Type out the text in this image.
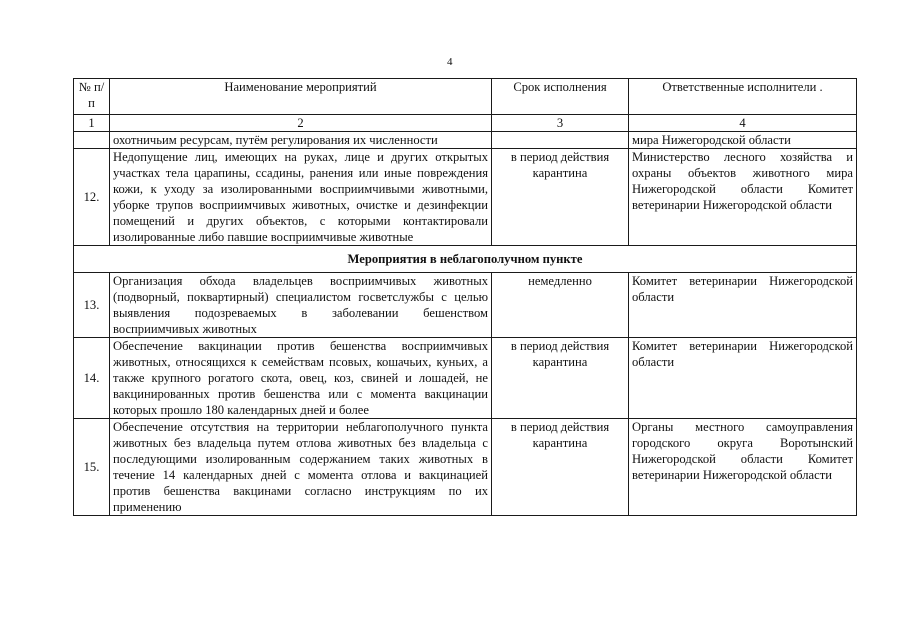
4
№ п/п	Наименование мероприятий	Срок исполнения	Ответственные исполнители .
1	2	3	4
	охотничьим ресурсам, путём регулирования их численности		мира Нижегородской области
12.	Недопущение лиц, имеющих на руках, лице и других открытых участках тела царапины, ссадины, ранения или иные повреждения кожи, к уходу за изолированными восприимчивыми животными, уборке трупов восприимчивых животных, очистке и дезинфекции помещений и других объектов, с которыми контактировали изолированные либо павшие восприимчивые животные	в период действия карантина	Министерство лесного хозяйства и охраны объектов животного мира Нижегородской области Комитет ветеринарии Нижегородской области
Мероприятия в неблагополучном пункте			
13.	Организация обхода владельцев восприимчивых животных (подворный, поквартирный) специалистом госветслужбы с целью выявления подозреваемых в заболевании бешенством восприимчивых животных	немедленно	Комитет ветеринарии Нижегородской области
14.	Обеспечение вакцинации против бешенства восприимчивых животных, относящихся к семействам псовых, кошачьих, куньих, а также крупного рогатого скота, овец, коз, свиней и лошадей, не вакцинированных против бешенства или с момента вакцинации которых прошло 180 календарных дней и более	в период действия карантина	Комитет ветеринарии Нижегородской области
15.	Обеспечение отсутствия на территории неблагополучного пункта животных без владельца путем отлова животных без владельца с последующими изолированным содержанием таких животных в течение 14 календарных дней с момента отлова и вакцинацией против бешенства вакцинами согласно инструкциям по их применению	в период действия карантина	Органы местного самоуправления городского округа Воротынский Нижегородской области Комитет ветеринарии Нижегородской области
